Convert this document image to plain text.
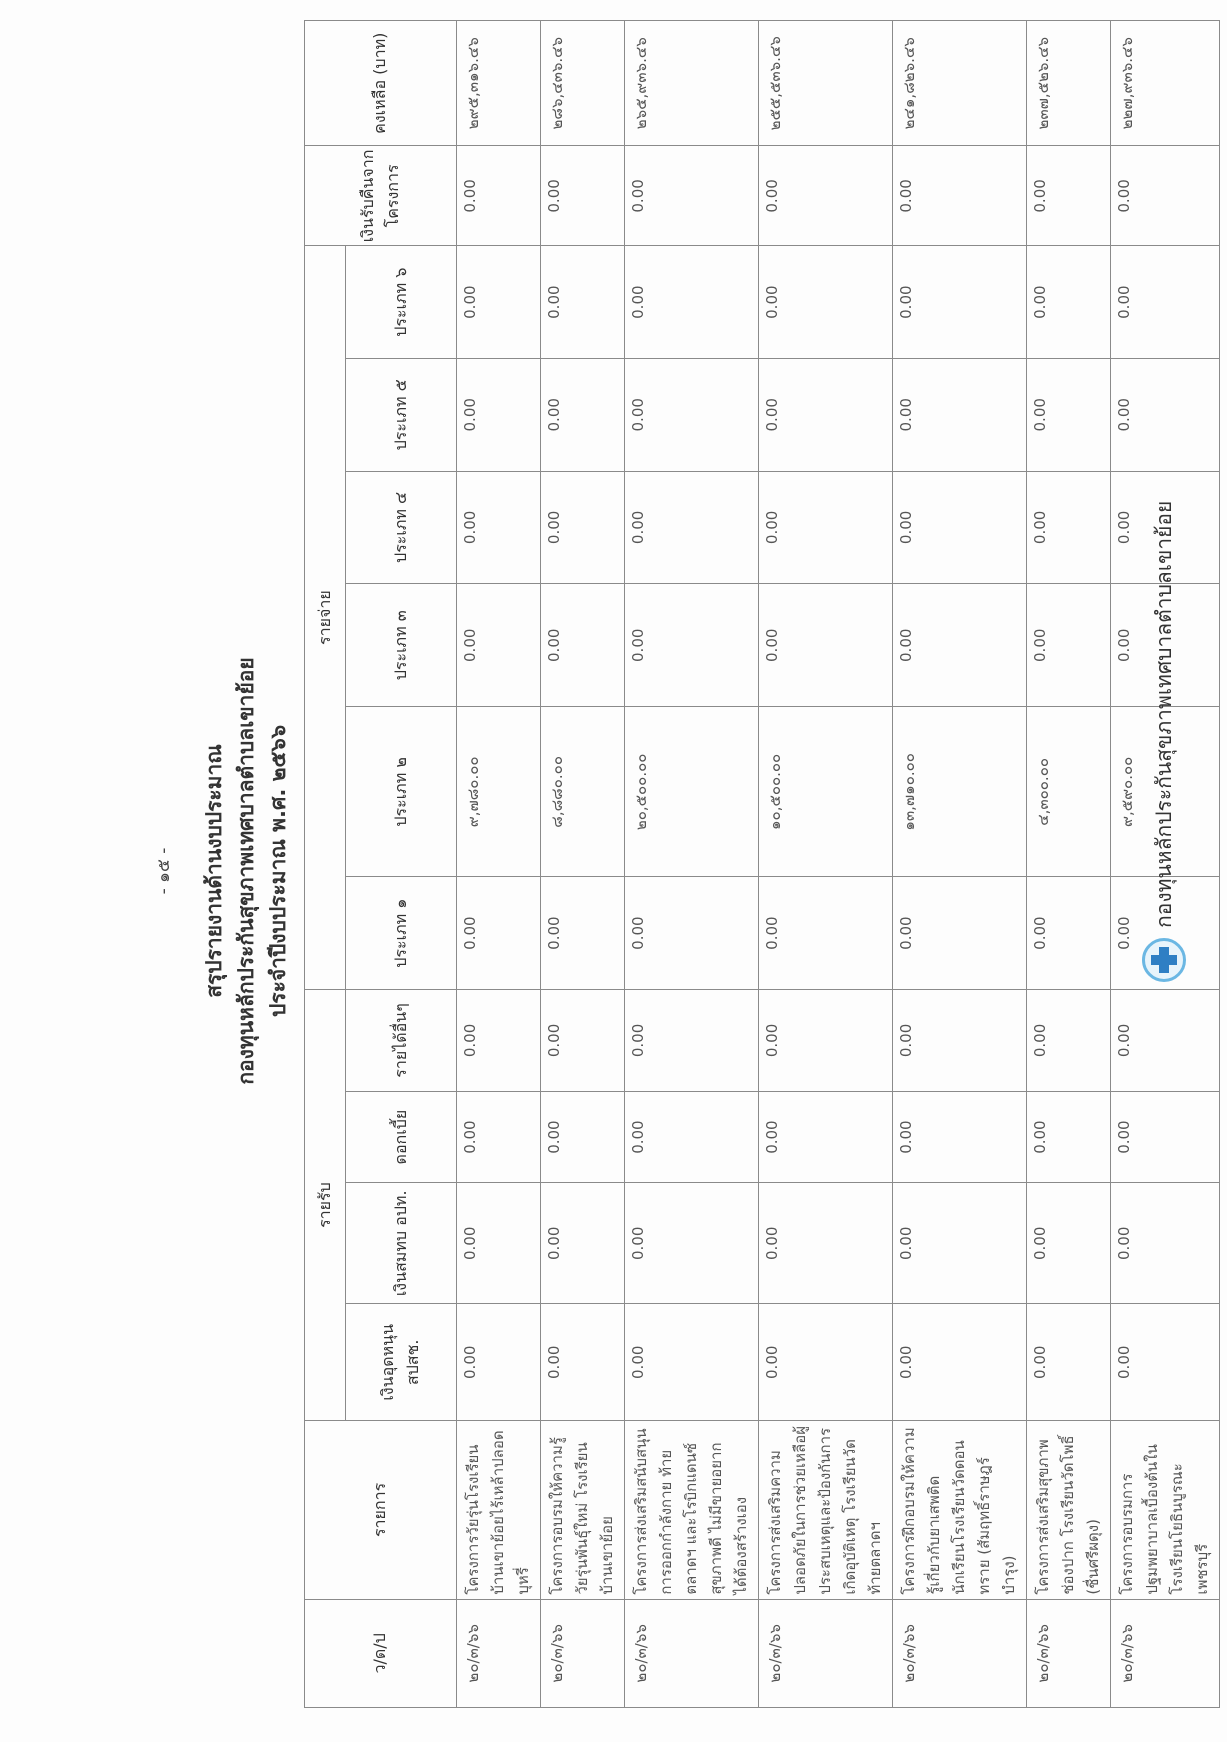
- ๑๕ - สรุปรายงานด้านงบประมาณ กองทุนหลักประกันสุขภาพเทศบาลตำบลเขาย้อย ประจำปีงบประมาณ พ.ศ. ๒๕๖๖
ว/ด/ป	รายการ	รายรับ				รายจ่าย						เงินรับคืนจากโครงการ	คงเหลือ (บาท)
		เงินอุดหนุน สปสช.	เงินสมทบ อปท.	ดอกเบี้ย	รายได้อื่นๆ	ประเภท ๑	ประเภท ๒	ประเภท ๓	ประเภท ๔	ประเภท ๕	ประเภท ๖		
๒๐/๓/๖๖	โครงการวัยรุ่นโรงเรียนบ้านเขาย้อยไร้เหล้าปลอดบุหรี่	0.00	0.00	0.00	0.00	0.00	๙,๗๘๐.๐๐	0.00	0.00	0.00	0.00	0.00	๒๙๕,๓๑๖.๔๖
๒๐/๓/๖๖	โครงการอบรมให้ความรู้วัยรุ่นพันธุ์ใหม่ โรงเรียนบ้านเขาย้อย	0.00	0.00	0.00	0.00	0.00	๘,๘๘๐.๐๐	0.00	0.00	0.00	0.00	0.00	๒๘๖,๔๓๖.๔๖
๒๐/๓/๖๖	โครงการส่งเสริมสนับสนุนการออกกำลังกาย ท้ายตลาดฯ และโรบิกแดนซ์ สุขภาพดี ไม่มีขายอยากได้ต้องสร้างเอง	0.00	0.00	0.00	0.00	0.00	๒๐,๕๐๐.๐๐	0.00	0.00	0.00	0.00	0.00	๒๖๕,๙๓๖.๔๖
๒๐/๓/๖๖	โครงการส่งเสริมความปลอดภัยในการช่วยเหลือผู้ประสบเหตุและป้องกันการเกิดอุบัติเหตุ โรงเรียนวัดท้ายตลาดฯ	0.00	0.00	0.00	0.00	0.00	๑๐,๕๐๐.๐๐	0.00	0.00	0.00	0.00	0.00	๒๕๕,๕๓๖.๔๖
๒๐/๓/๖๖	โครงการฝึกอบรมให้ความรู้เกี่ยวกับยาเสพติด นักเรียนโรงเรียนวัดดอนทราย (สัมฤทธิ์ราษฎร์บำรุง)	0.00	0.00	0.00	0.00	0.00	๑๓,๗๑๐.๐๐	0.00	0.00	0.00	0.00	0.00	๒๔๑,๘๒๖.๔๖
๒๐/๓/๖๖	โครงการส่งเสริมสุขภาพช่องปาก โรงเรียนวัดโพธิ์ (ชื่นศรีผดุง)	0.00	0.00	0.00	0.00	0.00	๔,๓๐๐.๐๐	0.00	0.00	0.00	0.00	0.00	๒๓๗,๕๒๖.๔๖
๒๐/๓/๖๖	โครงการอบรมการปฐมพยาบาลเบื้องต้นในโรงเรียนโยธินบูรณะ เพชรบุรี	0.00	0.00	0.00	0.00	0.00	๙,๕๙๐.๐๐	0.00	0.00	0.00	0.00	0.00	๒๒๗,๙๓๖.๔๖
กองทุนหลักประกันสุขภาพเทศบาลตำบลเขาย้อย
